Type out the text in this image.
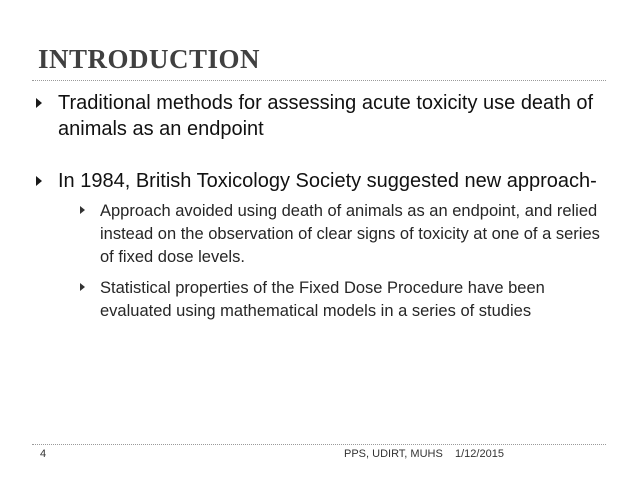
INTRODUCTION
Traditional methods for assessing acute toxicity use death of animals as an endpoint
In 1984, British Toxicology Society suggested new approach-
Approach avoided using death of animals as an endpoint, and relied instead on the observation of clear signs of toxicity at one of a series of fixed dose levels.
Statistical properties of the Fixed Dose Procedure have been evaluated using mathematical models in a series of studies
4	PPS, UDIRT, MUHS 1/12/2015
